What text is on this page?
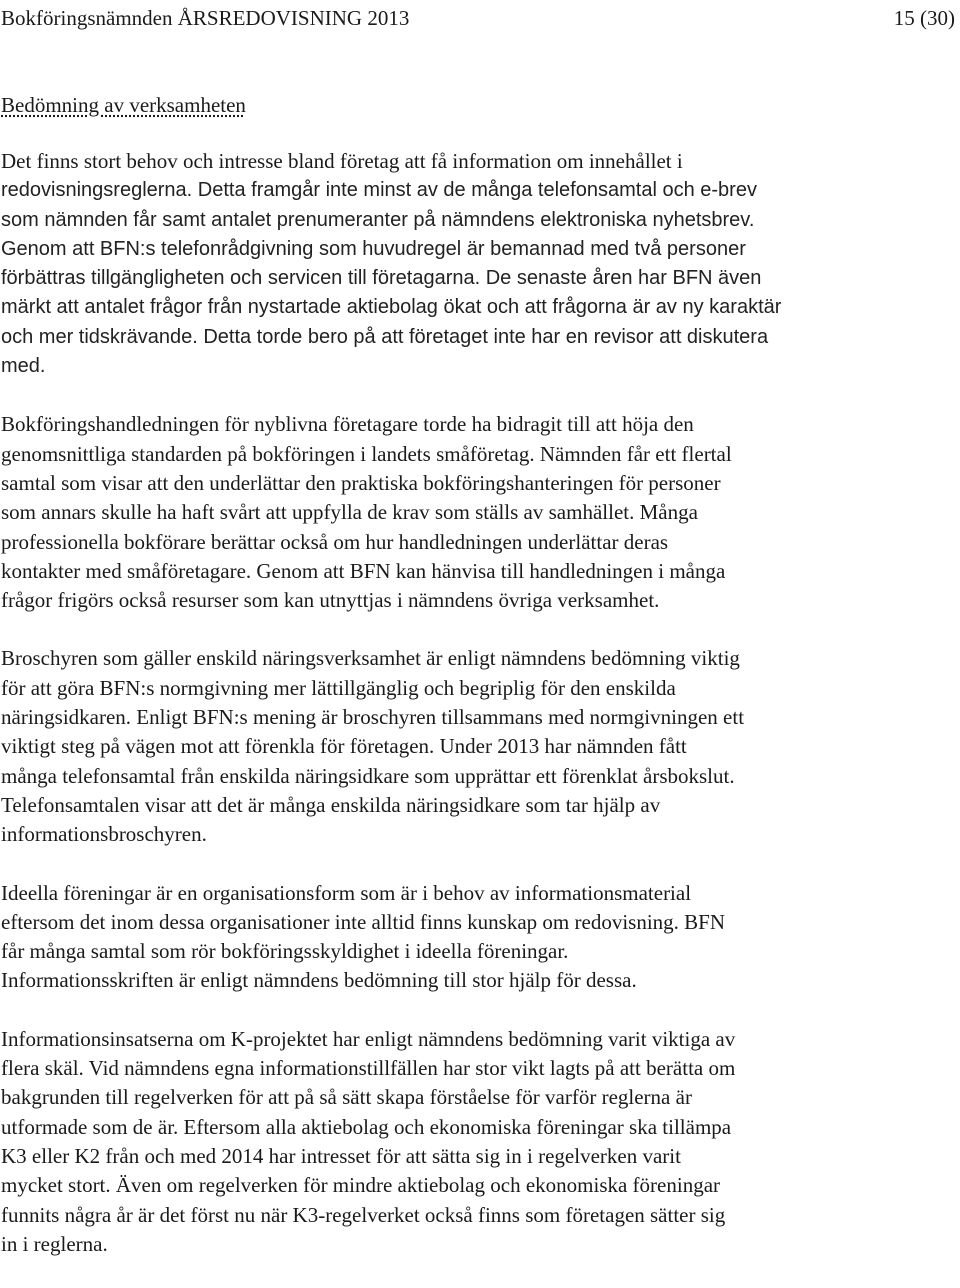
Bokföringsnämnden ÅRSREDOVISNING 2013	15 (30)
Bedömning av verksamheten

Det finns stort behov och intresse bland företag att få information om innehållet i
redovisningsreglerna. Detta framgår inte minst av de många telefonsamtal och e-brev
som nämnden får samt antalet prenumeranter på nämndens elektroniska nyhetsbrev.
Genom att BFN:s telefonrådgivning som huvudregel är bemannad med två personer
förbättras tillgängligheten och servicen till företagarna. De senaste åren har BFN även
märkt att antalet frågor från nystartade aktiebolag ökat och att frågorna är av ny karaktär
och mer tidskrävande. Detta torde bero på att företaget inte har en revisor att diskutera
med.

Bokföringshandledningen för nyblivna företagare torde ha bidragit till att höja den
genomsnittliga standarden på bokföringen i landets småföretag. Nämnden får ett flertal
samtal som visar att den underlättar den praktiska bokföringshanteringen för personer
som annars skulle ha haft svårt att uppfylla de krav som ställs av samhället. Många
professionella bokförare berättar också om hur handledningen underlättar deras
kontakter med småföretagare. Genom att BFN kan hänvisa till handledningen i många
frågor frigörs också resurser som kan utnyttjas i nämndens övriga verksamhet.

Broschyren som gäller enskild näringsverksamhet är enligt nämndens bedömning viktig
för att göra BFN:s normgivning mer lättillgänglig och begriplig för den enskilda
näringsidkaren. Enligt BFN:s mening är broschyren tillsammans med normgivningen ett
viktigt steg på vägen mot att förenkla för företagen. Under 2013 har nämnden fått
många telefonsamtal från enskilda näringsidkare som upprättar ett förenklat årsbokslut.
Telefonsamtalen visar att det är många enskilda näringsidkare som tar hjälp av
informationsbroschyren.

Ideella föreningar är en organisationsform som är i behov av informationsmaterial
eftersom det inom dessa organisationer inte alltid finns kunskap om redovisning. BFN
får många samtal som rör bokföringsskyldighet i ideella föreningar.
Informationsskriften är enligt nämndens bedömning till stor hjälp för dessa.

Informationsinsatserna om K-projektet har enligt nämndens bedömning varit viktiga av
flera skäl. Vid nämndens egna informationstillfällen har stor vikt lagts på att berätta om
bakgrunden till regelverken för att på så sätt skapa förståelse för varför reglerna är
utformade som de är. Eftersom alla aktiebolag och ekonomiska föreningar ska tillämpa
K3 eller K2 från och med 2014 har intresset för att sätta sig in i regelverken varit
mycket stort. Även om regelverken för mindre aktiebolag och ekonomiska föreningar
funnits några år är det först nu när K3-regelverket också finns som företagen sätter sig
in i reglerna.
